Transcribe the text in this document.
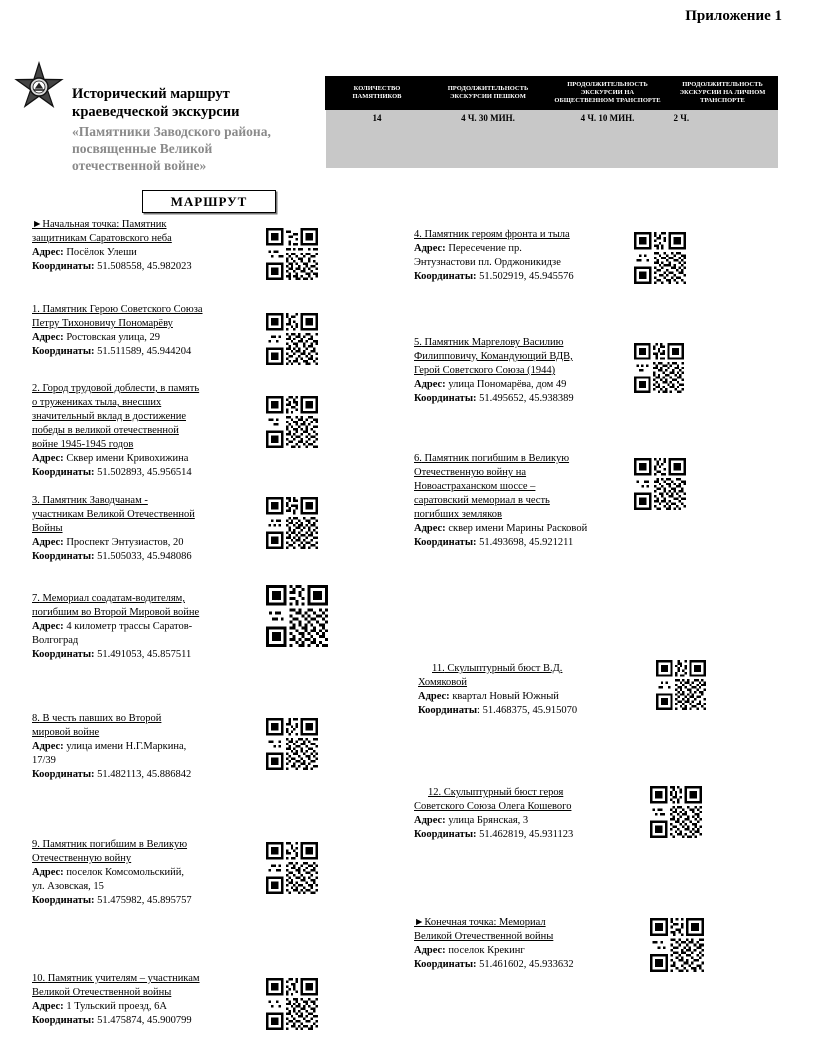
Приложение 1
Исторический маршрут краеведческой экскурсии
«Памятники Заводского района, посвященные Великой отечественной войне»
МАРШРУТ
КОЛИЧЕСТВО ПАМЯТНИКОВ	ПРОДОЛЖИТЕЛЬНОСТЬ ЭКСКУРСИИ ПЕШКОМ	ПРОДОЛЖИТЕЛЬНОСТЬ ЭКСКУРСИИ НА ОБЩЕСТВЕННОМ ТРАНСПОРТЕ	ПРОДОЛЖИТЕЛЬНОСТЬ ЭКСКУРСИИ НА ЛИЧНОМ ТРАНСПОРТЕ
14	4 Ч. 30 МИН.	4 Ч. 10 МИН.	2 Ч.
►Начальная точка: Памятник
защитникам Саратовского неба
Адрес: Посёлок Улеши
Координаты: 51.508558, 45.982023
1. Памятник Герою Советского Союза
Петру Тихоновичу Пономарёву
Адрес: Ростовская улица, 29
Координаты: 51.511589, 45.944204
2. Город трудовой доблести, в память
о тружениках тыла, внесших
значительный вклад в достижение
победы в великой отечественной
войне 1945-1945 годов
Адрес: Сквер имени Кривохижина
Координаты: 51.502893, 45.956514
3. Памятник Заводчанам -
участникам Великой Отечественной
Войны
Адрес: Проспект Энтузиастов, 20
Координаты: 51.505033, 45.948086
7. Мемориал соадатам-водителям,
погибшим во Второй Мировой войне
Адрес: 4 километр трассы Саратов-
Волгоград
Координаты: 51.491053, 45.857511
8. В честь павших во Второй
мировой войне
Адрес: улица имени Н.Г.Маркина,
17/39
Координаты: 51.482113, 45.886842
9. Памятник погибшим в Великую
Отечественную войну
Адрес: поселок Комсомольскийй,
ул. Азовская, 15
Координаты: 51.475982, 45.895757
10. Памятник учителям – участникам
Великой Отечественной войны
Адрес: 1 Тульский проезд, 6А
Координаты: 51.475874, 45.900799
4. Памятник героям фронта и тыла
Адрес: Пересечение пр.
Энтузнастови пл. Орджоникидзе
Координаты: 51.502919, 45.945576
5. Памятник Маргелову Василию
Филипповичу, Командующий ВДВ,
Герой Советского Союза (1944)
Адрес: улица Пономарёва, дом 49
Координаты: 51.495652, 45.938389
6. Памятник погибшим в Великую
Отечественную войну на
Новоастраханском шоссе –
саратовский мемориал в честь
погибших земляков
Адрес: сквер имени Марины Расковой
Координаты: 51.493698, 45.921211
11. Скулыптурный бюст В.Д.
Хомяковой
Адрес: квартал Новый Южный
Координаты: 51.468375, 45.915070
12. Скулыптурный бюст героя
Советского Союза Олега Кошевого
Адрес: улица Брянская, 3
Координаты: 51.462819, 45.931123
►Конечная точка: Мемориал
Великой Отечественной войны
Адрес: поселок Крекинг
Координаты: 51.461602, 45.933632
